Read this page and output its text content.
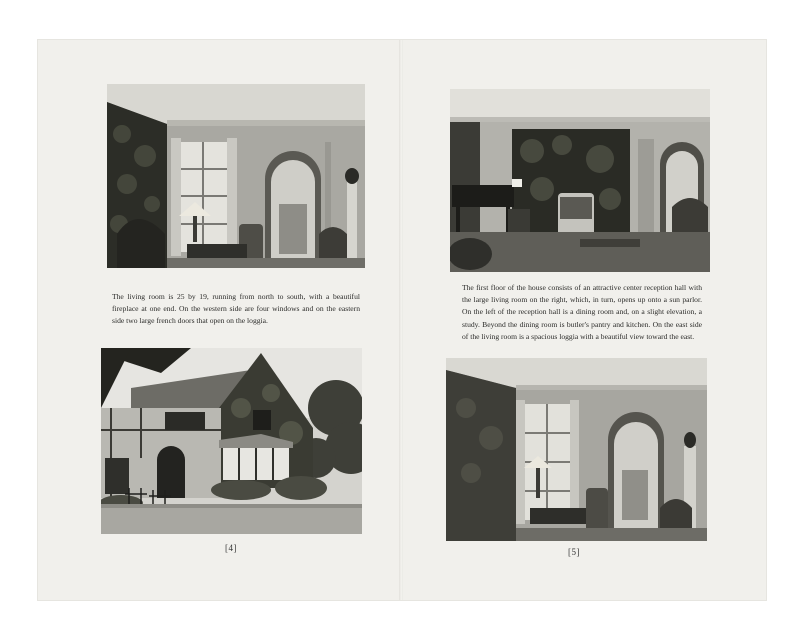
The living room is 25 by 19, running from north to south, with a beautiful fireplace at one end. On the western side are four windows and on the eastern side two large french doors that open on the loggia.

[4]

The first floor of the house consists of an attractive center reception hall with the large living room on the right, which, in turn, opens up onto a sun parlor. On the left of the reception hall is a dining room and, on a slight elevation, a study. Beyond the dining room is butler's pantry and kitchen. On the east side of the living room is a spacious loggia with a beautiful view toward the east.

[5]
